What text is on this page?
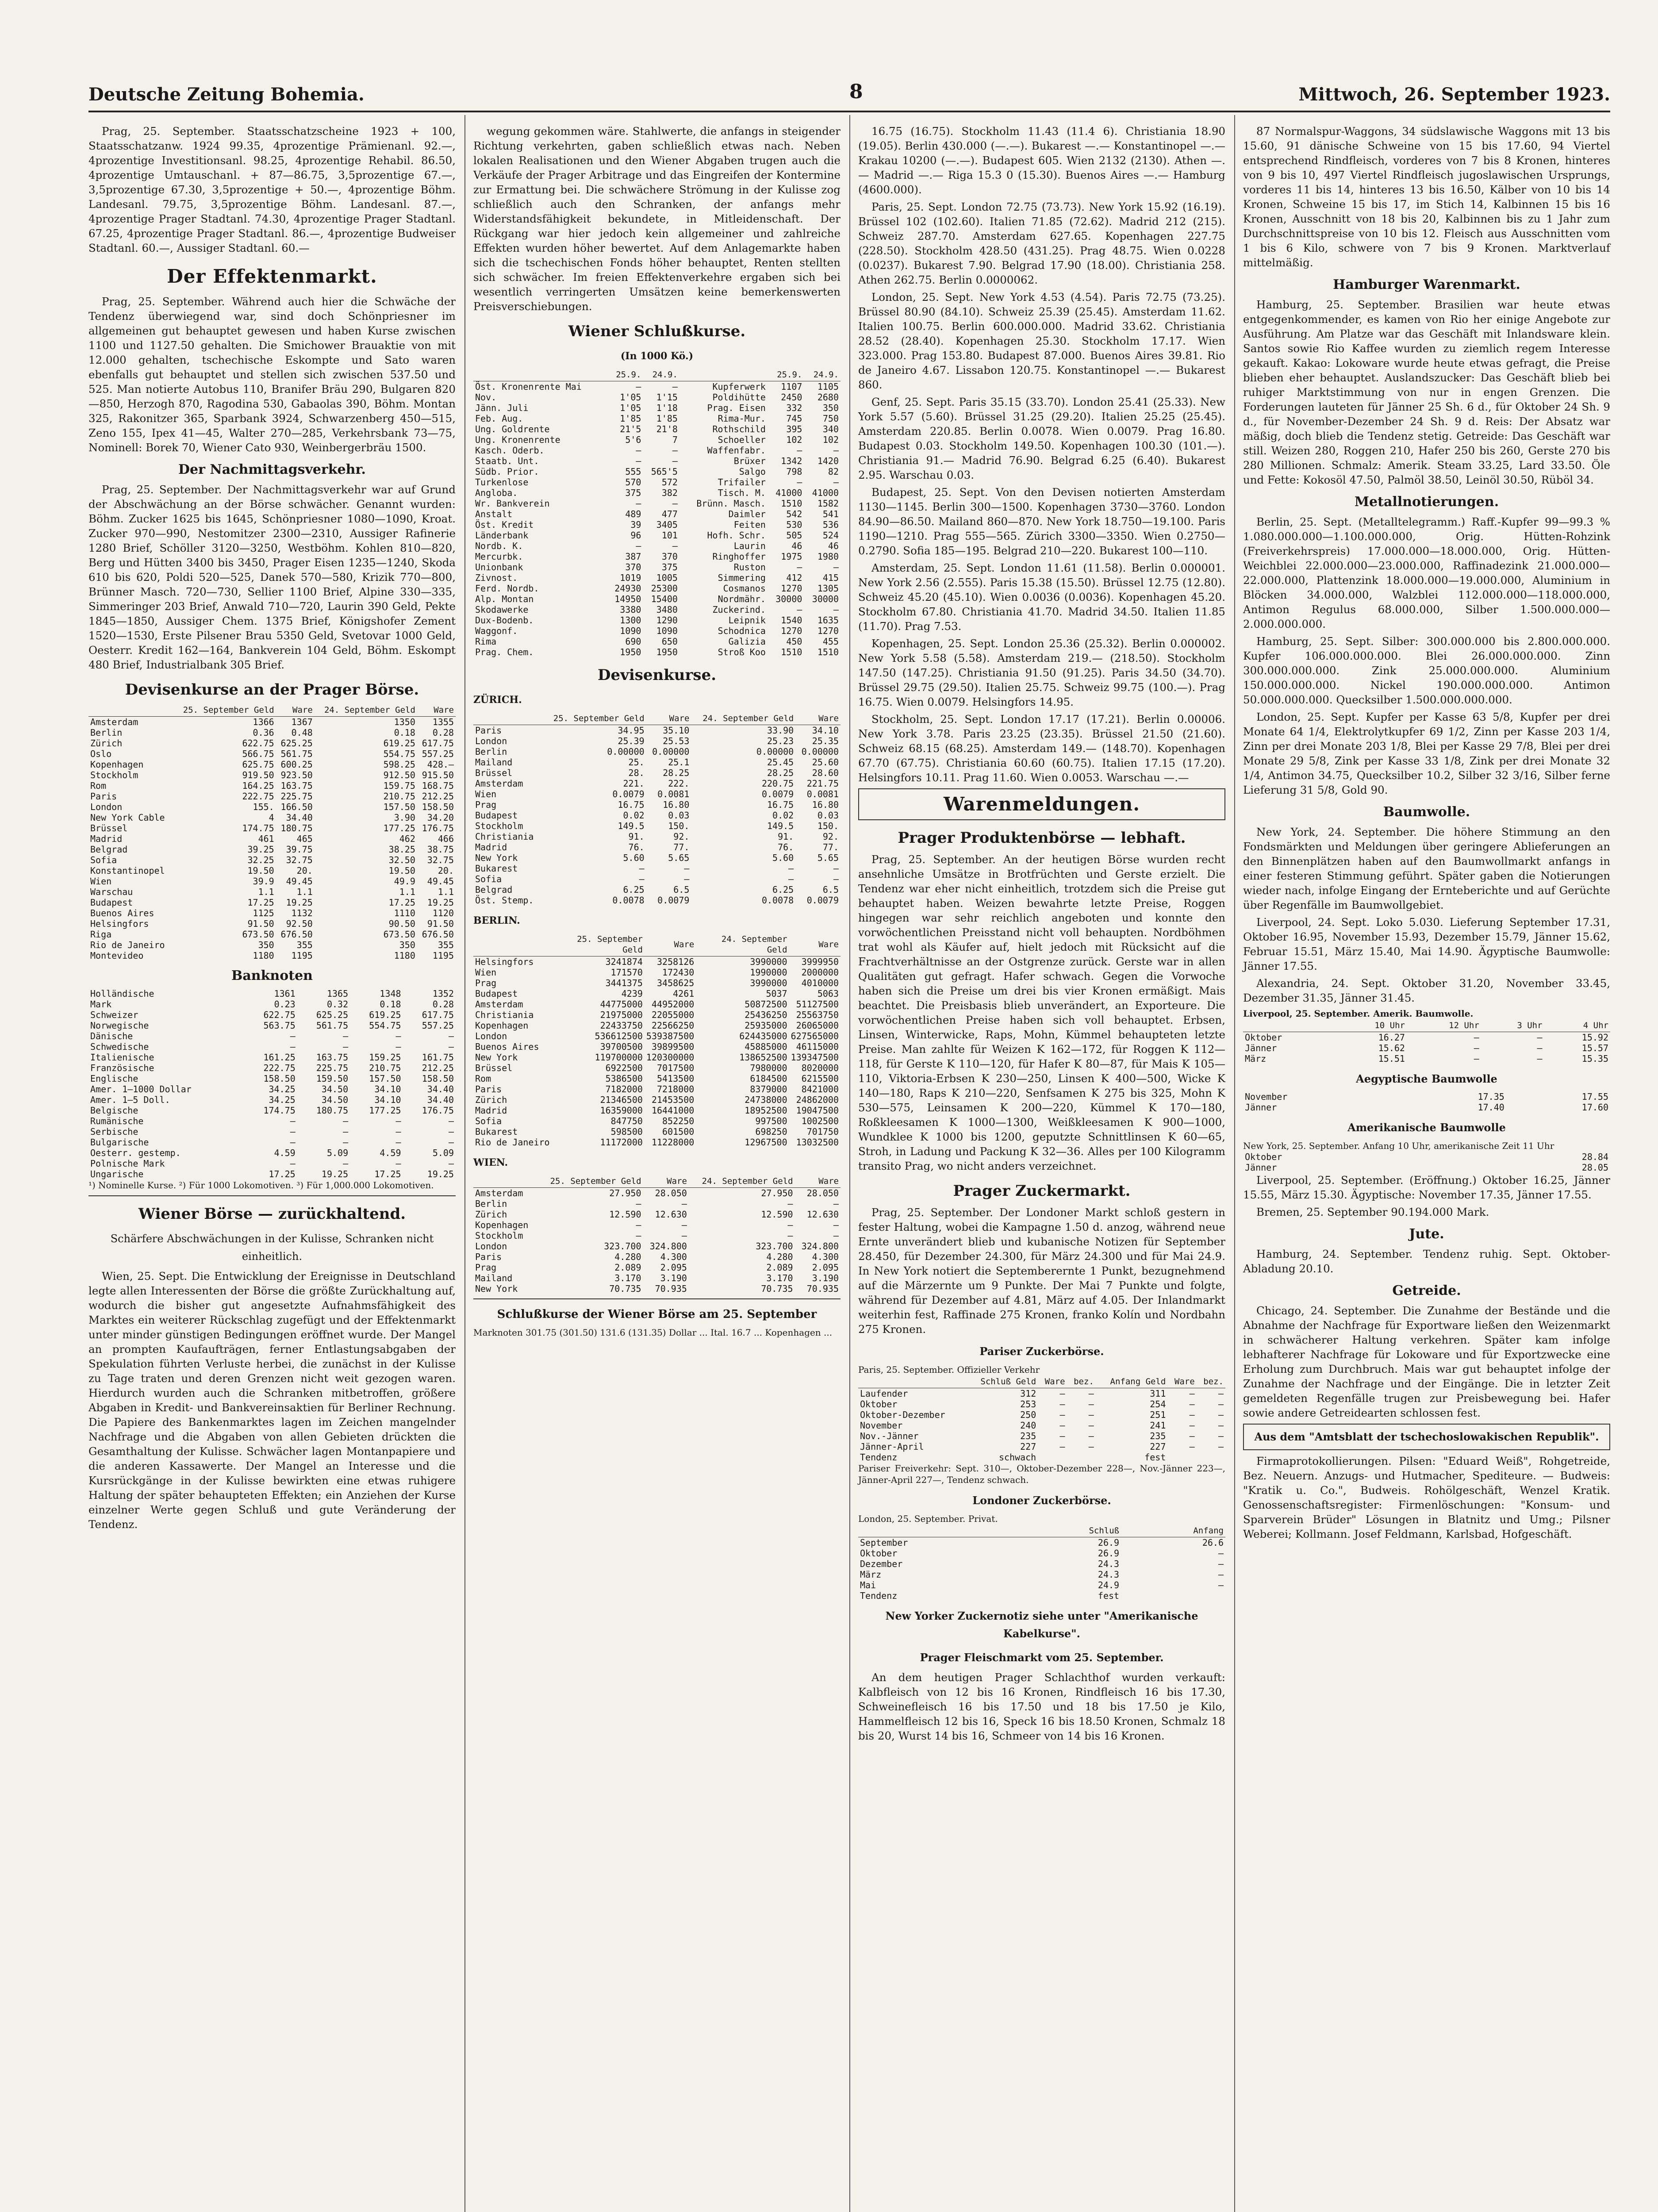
Deutsche Zeitung Bohemia.	8	Mittwoch, 26. September 1923.

Prag, 25. September. Staatsschatzscheine 1923 + 100, Staatsschatzanw. 1924 99.35, 4prozentige Prämienanl. 92.—, 4prozentige Investitionsanl. 98.25, 4prozentige Rehabil. 86.50, 4prozentige Umtauschanl. + 87—86.75, 3,5prozentige 67.—, 3,5prozentige 67.30, 3,5prozentige + 50.—, 4prozentige Böhm. Landesanl. 79.75, 3,5prozentige Böhm. Landesanl. 87.—, 4prozentige Prager Stadtanl. 74.30, 4prozentige Prager Stadtanl. 67.25, 4prozentige Prager Stadtanl. 86.—, 4prozentige Budweiser Stadtanl. 60.—, Aussiger Stadtanl. 60.—

Der Effektenmarkt.

Prag, 25. September. Während auch hier die Schwäche der Tendenz überwiegend war, sind doch Schönpriesner im allgemeinen gut behauptet gewesen und haben Kurse zwischen 1100 und 1127.50 gehalten. Die Smichower Brauaktie von mit 12.000 gehalten, tschechische Eskompte und Sato waren ebenfalls gut behauptet und stellen sich zwischen 537.50 und 525. Man notierte Autobus 110, Branifer Bräu 290, Bulgaren 820—850, Herzogh 870, Ragodina 530, Gabaolas 390, Böhm. Montan 325, Rakonitzer 365, Sparbank 3924, Schwarzenberg 450—515, Zeno 155, Ipex 41—45, Walter 270—285, Verkehrsbank 73—75, Nominell: Borek 70, Wiener Cato 930, Weinbergerbräu 1500.

Der Nachmittagsverkehr.

Prag, 25. September. Der Nachmittagsverkehr war auf Grund der Abschwächung an der Börse schwächer. Genannt wurden: Böhm. Zucker 1625 bis 1645, Schönpriesner 1080—1090, Kroat. Zucker 970—990, Nestomitzer 2300—2310, Aussiger Rafinerie 1280 Brief, Schöller 3120—3250, Westböhm. Kohlen 810—820, Berg und Hütten 3400 bis 3450, Prager Eisen 1235—1240, Skoda 610 bis 620, Poldi 520—525, Danek 570—580, Krizik 770—800, Brünner Masch. 720—730, Sellier 1100 Brief, Alpine 330—335, Simmeringer 203 Brief, Anwald 710—720, Laurin 390 Geld, Pekte 1845—1850, Aussiger Chem. 1375 Brief, Königshofer Zement 1520—1530, Erste Pilsener Brau 5350 Geld, Svetovar 1000 Geld, Oesterr. Kredit 162—164, Bankverein 104 Geld, Böhm. Eskompt 480 Brief, Industrialbank 305 Brief.

Devisenkurse an der Prager Börse.
	25. September Geld	Ware	24. September Geld	Ware
Amsterdam	1366	1367	1350	1355
Berlin	0.36	0.48	0.18	0.28
Zürich	622.75	625.25	619.25	617.75
Oslo	566.75	561.75	554.75	557.25
Kopenhagen	625.75	600.25	598.25	428.—
Stockholm	919.50	923.50	912.50	915.50
Rom	164.25	163.75	159.75	168.75
Paris	222.75	225.75	210.75	212.25
London	155.	166.50	157.50	158.50
New York Cable	4	34.40	3.90	34.20
Brüssel	174.75	180.75	177.25	176.75
Madrid	461	465	462	466
Belgrad	39.25	39.75	38.25	38.75
Sofia	32.25	32.75	32.50	32.75
Konstantinopel	19.50	20.	19.50	20.
Wien	39.9	49.45	49.9	49.45
Warschau	1.1	1.1	1.1	1.1
Budapest	17.25	19.25	17.25	19.25
Buenos Aires	1125	1132	1110	1120
Helsingfors	91.50	92.50	90.50	91.50
Riga	673.50	676.50	673.50	676.50
Rio de Janeiro	350	355	350	355
Montevideo	1180	1195	1180	1195
Banknoten
Holländische	1361	1365	1348	1352
Mark	0.23	0.32	0.18	0.28
Schweizer	622.75	625.25	619.25	617.75
Norwegische	563.75	561.75	554.75	557.25
Dänische	—	—	—	—
Schwedische	—	—	—	—
Italienische	161.25	163.75	159.25	161.75
Französische	222.75	225.75	210.75	212.25
Englische	158.50	159.50	157.50	158.50
Amer. 1—1000 Dollar	34.25	34.50	34.10	34.40
Amer. 1—5 Doll.	34.25	34.50	34.10	34.40
Belgische	174.75	180.75	177.25	176.75
Rumänische	—	—	—	—
Serbische	—	—	—	—
Bulgarische	—	—	—	—
Oesterr. gestemp.	4.59	5.09	4.59	5.09
Polnische Mark	—	—	—	—
Ungarische	17.25	19.25	17.25	19.25
¹) Nominelle Kurse. ²) Für 1000 Lokomotiven. ³) Für 1,000.000 Lokomotiven.
Wiener Börse — zurückhaltend.
Schärfere Abschwächungen in der Kulisse, Schranken nicht einheitlich.

Wien, 25. Sept. Die Entwicklung der Ereignisse in Deutschland legte allen Interessenten der Börse die größte Zurückhaltung auf, wodurch die bisher gut angesetzte Aufnahmsfähigkeit des Marktes ein weiterer Rückschlag zugefügt und der Effektenmarkt unter minder günstigen Bedingungen eröffnet wurde. Der Mangel an prompten Kaufaufträgen, ferner Entlastungsabgaben der Spekulation führten Verluste herbei, die zunächst in der Kulisse zu Tage traten und deren Grenzen nicht weit gezogen waren. Hierdurch wurden auch die Schranken mitbetroffen, größere Abgaben in Kredit- und Bankvereinsaktien für Berliner Rechnung. Die Papiere des Bankenmarktes lagen im Zeichen mangelnder Nachfrage und die Abgaben von allen Gebieten drückten die Gesamthaltung der Kulisse. Schwächer lagen Montanpapiere und die anderen Kassawerte. Der Mangel an Interesse und die Kursrückgänge in der Kulisse bewirkten eine etwas ruhigere Haltung der später behaupteten Effekten; ein Anziehen der Kurse einzelner Werte gegen Schluß und gute Veränderung der Tendenz.

wegung gekommen wäre. Stahlwerte, die anfangs in steigender Richtung verkehrten, gaben schließlich etwas nach. Neben lokalen Realisationen und den Wiener Abgaben trugen auch die Verkäufe der Prager Arbitrage und das Eingreifen der Kontermine zur Ermattung bei. Die schwächere Strömung in der Kulisse zog schließlich auch den Schranken, der anfangs mehr Widerstandsfähigkeit bekundete, in Mitleidenschaft. Der Rückgang war hier jedoch kein allgemeiner und zahlreiche Effekten wurden höher bewertet. Auf dem Anlagemarkte haben sich die tschechischen Fonds höher behauptet, Renten stellten sich schwächer. Im freien Effektenverkehre ergaben sich bei wesentlich verringerten Umsätzen keine bemerkenswerten Preisverschiebungen.

Wiener Schlußkurse.
(In 1000 Kö.)
	25.9.	24.9.		25.9.	24.9.
Öst. Kronenrente Mai	—	—	Kupferwerk	1107	1105
Nov.	1'05	1'15	Poldihütte	2450	2680
Jänn. Juli	1'05	1'18	Prag. Eisen	332	350
Feb. Aug.	1'85	1'85	Rima-Mur.	745	750
Ung. Goldrente	21'5	21'8	Rothschild	395	340
Ung. Kronenrente	5'6	7	Schoeller	102	102
Kasch. Oderb.	—	—	Waffenfabr.	—	—
Staatb. Unt.	—	—	Brüxer	1342	1420
Südb. Prior.	555	565'5	Salgo	798	82
Turkenlose	570	572	Trifailer	—	—
Angloba.	375	382	Tisch. M.	41000	41000
Wr. Bankverein	—	—	Brünn. Masch.	1510	1582
Anstalt	489	477	Daimler	542	541
Öst. Kredit	39	3405	Feiten	530	536
Länderbank	96	101	Hofh. Schr.	505	524
Nordb. K.	—	—	Laurin	46	46
Mercurbk.	387	370	Ringhoffer	1975	1980
Unionbank	370	375	Ruston	—	—
Zivnost.	1019	1005	Simmering	412	415
Ferd. Nordb.	24930	25300	Cosmanos	1270	1305
Alp. Montan	14950	15400	Nordmähr.	30000	30000
Skodawerke	3380	3480	Zuckerind.	—	—
Dux-Bodenb.	1300	1290	Leipnik	1540	1635
Waggonf.	1090	1090	Schodnica	1270	1270
Rima	690	650	Galizia	450	455
Prag. Chem.	1950	1950	Stroß Koo	1510	1510
Devisenkurse.
ZÜRICH.
	25. September Geld	Ware	24. September Geld	Ware
Paris	34.95	35.10	33.90	34.10
London	25.39	25.53	25.23	25.35
Berlin	0.00000	0.00000	0.00000	0.00000
Mailand	25.	25.1	25.45	25.60
Brüssel	28.	28.25	28.25	28.60
Amsterdam	221.	222.	220.75	221.75
Wien	0.0079	0.0081	0.0079	0.0081
Prag	16.75	16.80	16.75	16.80
Budapest	0.02	0.03	0.02	0.03
Stockholm	149.5	150.	149.5	150.
Christiania	91.	92.	91.	92.
Madrid	76.	77.	76.	77.
New York	5.60	5.65	5.60	5.65
Bukarest	—	—	—	—
Sofia	—	—	—	—
Belgrad	6.25	6.5	6.25	6.5
Öst. Stemp.	0.0078	0.0079	0.0078	0.0079
BERLIN.
	25. September Geld	Ware	24. September Geld	Ware
Helsingfors	3241874	3258126	3990000	3999950
Wien	171570	172430	1990000	2000000
Prag	3441375	3458625	3990000	4010000
Budapest	4239	4261	5037	5063
Amsterdam	44775000	44952000	50872500	51127500
Christiania	21975000	22055000	25436250	25563750
Kopenhagen	22433750	22566250	25935000	26065000
London	536612500	539387500	624435000	627565000
Buenos Aires	39700500	39899500	45885000	46115000
New York	119700000	120300000	138652500	139347500
Brüssel	6922500	7017500	7980000	8020000
Rom	5386500	5413500	6184500	6215500
Paris	7182000	7218000	8379000	8421000
Zürich	21346500	21453500	24738000	24862000
Madrid	16359000	16441000	18952500	19047500
Sofia	847750	852250	997500	1002500
Bukarest	598500	601500	698250	701750
Rio de Janeiro	11172000	11228000	12967500	13032500
WIEN.
	25. September Geld	Ware	24. September Geld	Ware
Amsterdam	27.950	28.050	27.950	28.050
Berlin	—	—	—	—
Zürich	12.590	12.630	12.590	12.630
Kopenhagen	—	—	—	—
Stockholm	—	—	—	—
London	323.700	324.800	323.700	324.800
Paris	4.280	4.300	4.280	4.300
Prag	2.089	2.095	2.089	2.095
Mailand	3.170	3.190	3.170	3.190
New York	70.735	70.935	70.735	70.935
Schlußkurse der Wiener Börse am 25. September
Marknoten 301.75 (301.50) 131.6 (131.35) Dollar ... Ital. 16.7 ... Kopenhagen ...

16.75 (16.75). Stockholm 11.43 (11.4 6). Christiania 18.90 (19.05). Berlin 430.000 (—.—). Bukarest —.— Konstantinopel —.— Krakau 10200 (—.—). Budapest 605. Wien 2132 (2130). Athen —.— Madrid —.— Riga 15.3 0 (15.30). Buenos Aires —.— Hamburg (4600.000).

Paris, 25. Sept. London 72.75 (73.73). New York 15.92 (16.19). Brüssel 102 (102.60). Italien 71.85 (72.62). Madrid 212 (215). Schweiz 287.70. Amsterdam 627.65. Kopenhagen 227.75 (228.50). Stockholm 428.50 (431.25). Prag 48.75. Wien 0.0228 (0.0237). Bukarest 7.90. Belgrad 17.90 (18.00). Christiania 258. Athen 262.75. Berlin 0.0000062.

London, 25. Sept. New York 4.53 (4.54). Paris 72.75 (73.25). Brüssel 80.90 (84.10). Schweiz 25.39 (25.45). Amsterdam 11.62. Italien 100.75. Berlin 600.000.000. Madrid 33.62. Christiania 28.52 (28.40). Kopenhagen 25.30. Stockholm 17.17. Wien 323.000. Prag 153.80. Budapest 87.000. Buenos Aires 39.81. Rio de Janeiro 4.67. Lissabon 120.75. Konstantinopel —.— Bukarest 860.

Genf, 25. Sept. Paris 35.15 (33.70). London 25.41 (25.33). New York 5.57 (5.60). Brüssel 31.25 (29.20). Italien 25.25 (25.45). Amsterdam 220.85. Berlin 0.0078. Wien 0.0079. Prag 16.80. Budapest 0.03. Stockholm 149.50. Kopenhagen 100.30 (101.—). Christiania 91.— Madrid 76.90. Belgrad 6.25 (6.40). Bukarest 2.95. Warschau 0.03.

Budapest, 25. Sept. Von den Devisen notierten Amsterdam 1130—1145. Berlin 300—1500. Kopenhagen 3730—3760. London 84.90—86.50. Mailand 860—870. New York 18.750—19.100. Paris 1190—1210. Prag 555—565. Zürich 3300—3350. Wien 0.2750—0.2790. Sofia 185—195. Belgrad 210—220. Bukarest 100—110.

Amsterdam, 25. Sept. London 11.61 (11.58). Berlin 0.000001. New York 2.56 (2.555). Paris 15.38 (15.50). Brüssel 12.75 (12.80). Schweiz 45.20 (45.10). Wien 0.0036 (0.0036). Kopenhagen 45.20. Stockholm 67.80. Christiania 41.70. Madrid 34.50. Italien 11.85 (11.70). Prag 7.53.

Kopenhagen, 25. Sept. London 25.36 (25.32). Berlin 0.000002. New York 5.58 (5.58). Amsterdam 219.— (218.50). Stockholm 147.50 (147.25). Christiania 91.50 (91.25). Paris 34.50 (34.70). Brüssel 29.75 (29.50). Italien 25.75. Schweiz 99.75 (100.—). Prag 16.75. Wien 0.0079. Helsingfors 14.95.

Stockholm, 25. Sept. London 17.17 (17.21). Berlin 0.00006. New York 3.78. Paris 23.25 (23.35). Brüssel 21.50 (21.60). Schweiz 68.15 (68.25). Amsterdam 149.— (148.70). Kopenhagen 67.70 (67.75). Christiania 60.60 (60.75). Italien 17.15 (17.20). Helsingfors 10.11. Prag 11.60. Wien 0.0053. Warschau —.—

Warenmeldungen.
Prager Produktenbörse — lebhaft.

Prag, 25. September. An der heutigen Börse wurden recht ansehnliche Umsätze in Brotfrüchten und Gerste erzielt. Die Tendenz war eher nicht einheitlich, trotzdem sich die Preise gut behauptet haben. Weizen bewahrte letzte Preise, Roggen hingegen war sehr reichlich angeboten und konnte den vorwöchentlichen Preisstand nicht voll behaupten. Nordböhmen trat wohl als Käufer auf, hielt jedoch mit Rücksicht auf die Frachtverhältnisse an der Ostgrenze zurück. Gerste war in allen Qualitäten gut gefragt. Hafer schwach. Gegen die Vorwoche haben sich die Preise um drei bis vier Kronen ermäßigt. Mais beachtet. Die Preisbasis blieb unverändert, an Exporteure. Die vorwöchentlichen Preise haben sich voll behauptet. Erbsen, Linsen, Winterwicke, Raps, Mohn, Kümmel behaupteten letzte Preise. Man zahlte für Weizen K 162—172, für Roggen K 112—118, für Gerste K 110—120, für Hafer K 80—87, für Mais K 105—110, Viktoria-Erbsen K 230—250, Linsen K 400—500, Wicke K 140—180, Raps K 210—220, Senfsamen K 275 bis 325, Mohn K 530—575, Leinsamen K 200—220, Kümmel K 170—180, Roßkleesamen K 1000—1300, Weißkleesamen K 900—1000, Wundklee K 1000 bis 1200, geputzte Schnittlinsen K 60—65, Stroh, in Ladung und Packung K 32—36. Alles per 100 Kilogramm transito Prag, wo nicht anders verzeichnet.

Prager Zuckermarkt.

Prag, 25. September. Der Londoner Markt schloß gestern in fester Haltung, wobei die Kampagne 1.50 d. anzog, während neue Ernte unverändert blieb und kubanische Notizen für September 28.450, für Dezember 24.300, für März 24.300 und für Mai 24.9. In New York notiert die Septemberernte 1 Punkt, bezugnehmend auf die Märzernte um 9 Punkte. Der Mai 7 Punkte und folgte, während für Dezember auf 4.81, März auf 4.05. Der Inlandmarkt weiterhin fest, Raffinade 275 Kronen, franko Kolín und Nordbahn 275 Kronen.

Pariser Zuckerbörse.
Paris, 25. September. Offizieller Verkehr
	Schluß Geld	Ware	bez.	Anfang Geld	Ware	bez.
Laufender	312	—	—	311	—	—
Oktober	253	—	—	254	—	—
Oktober-Dezember	250	—	—	251	—	—
November	240	—	—	241	—	—
Nov.-Jänner	235	—	—	235	—	—
Jänner-April	227	—	—	227	—	—
Tendenz	schwach			fest		
Pariser Freiverkehr: Sept. 310—, Oktober-Dezember 228—, Nov.-Jänner 223—, Jänner-April 227—, Tendenz schwach.
Londoner Zuckerbörse.
London, 25. September. Privat.
	Schluß	Anfang
September	26.9	26.6
Oktober	26.9	—
Dezember	24.3	—
März	24.3	—
Mai	24.9	—
Tendenz	fest	
New Yorker Zuckernotiz siehe unter "Amerikanische Kabelkurse".
Prager Fleischmarkt vom 25. September.

An dem heutigen Prager Schlachthof wurden verkauft: Kalbfleisch von 12 bis 16 Kronen, Rindfleisch 16 bis 17.30, Schweinefleisch 16 bis 17.50 und 18 bis 17.50 je Kilo, Hammelfleisch 12 bis 16, Speck 16 bis 18.50 Kronen, Schmalz 18 bis 20, Wurst 14 bis 16, Schmeer von 14 bis 16 Kronen.

87 Normalspur-Waggons, 34 südslawische Waggons mit 13 bis 15.60, 91 dänische Schweine von 15 bis 17.60, 94 Viertel entsprechend Rindfleisch, vorderes von 7 bis 8 Kronen, hinteres von 9 bis 10, 497 Viertel Rindfleisch jugoslawischen Ursprungs, vorderes 11 bis 14, hinteres 13 bis 16.50, Kälber von 10 bis 14 Kronen, Schweine 15 bis 17, im Stich 14, Kalbinnen 15 bis 16 Kronen, Ausschnitt von 18 bis 20, Kalbinnen bis zu 1 Jahr zum Durchschnittspreise von 10 bis 12. Fleisch aus Ausschnitten vom 1 bis 6 Kilo, schwere von 7 bis 9 Kronen. Marktverlauf mittelmäßig.

Hamburger Warenmarkt.

Hamburg, 25. September. Brasilien war heute etwas entgegenkommender, es kamen von Rio her einige Angebote zur Ausführung. Am Platze war das Geschäft mit Inlandsware klein. Santos sowie Rio Kaffee wurden zu ziemlich regem Interesse gekauft. Kakao: Lokoware wurde heute etwas gefragt, die Preise blieben eher behauptet. Auslandszucker: Das Geschäft blieb bei ruhiger Marktstimmung von nur in engen Grenzen. Die Forderungen lauteten für Jänner 25 Sh. 6 d., für Oktober 24 Sh. 9 d., für November-Dezember 24 Sh. 9 d. Reis: Der Absatz war mäßig, doch blieb die Tendenz stetig. Getreide: Das Geschäft war still. Weizen 280, Roggen 210, Hafer 250 bis 260, Gerste 270 bis 280 Millionen. Schmalz: Amerik. Steam 33.25, Lard 33.50. Öle und Fette: Kokosöl 47.50, Palmöl 38.50, Leinöl 30.50, Rüböl 34.

Metallnotierungen.

Berlin, 25. Sept. (Metalltelegramm.) Raff.-Kupfer 99—99.3 % 1.080.000.000—1.100.000.000, Orig. Hütten-Rohzink (Freiverkehrspreis) 17.000.000—18.000.000, Orig. Hütten-Weichblei 22.000.000—23.000.000, Raffinadezink 21.000.000—22.000.000, Plattenzink 18.000.000—19.000.000, Aluminium in Blöcken 34.000.000, Walzblei 112.000.000—118.000.000, Antimon Regulus 68.000.000, Silber 1.500.000.000—2.000.000.000.

Hamburg, 25. Sept. Silber: 300.000.000 bis 2.800.000.000. Kupfer 106.000.000.000. Blei 26.000.000.000. Zinn 300.000.000.000. Zink 25.000.000.000. Aluminium 150.000.000.000. Nickel 190.000.000.000. Antimon 50.000.000.000. Quecksilber 1.500.000.000.000.

London, 25. Sept. Kupfer per Kasse 63 5/8, Kupfer per drei Monate 64 1/4, Elektrolytkupfer 69 1/2, Zinn per Kasse 203 1/4, Zinn per drei Monate 203 1/8, Blei per Kasse 29 7/8, Blei per drei Monate 29 5/8, Zink per Kasse 33 1/8, Zink per drei Monate 32 1/4, Antimon 34.75, Quecksilber 10.2, Silber 32 3/16, Silber ferne Lieferung 31 5/8, Gold 90.

Baumwolle.

New York, 24. September. Die höhere Stimmung an den Fondsmärkten und Meldungen über geringere Ablieferungen an den Binnenplätzen haben auf den Baumwollmarkt anfangs in einer festeren Stimmung geführt. Später gaben die Notierungen wieder nach, infolge Eingang der Ernteberichte und auf Gerüchte über Regenfälle im Baumwollgebiet.

Liverpool, 24. Sept. Loko 5.030. Lieferung September 17.31, Oktober 16.95, November 15.93, Dezember 15.79, Jänner 15.62, Februar 15.51, März 15.40, Mai 14.90. Ägyptische Baumwolle: Jänner 17.55.

Alexandria, 24. Sept. Oktober 31.20, November 33.45, Dezember 31.35, Jänner 31.45.

Liverpool, 25. September. Amerik. Baumwolle.
	10 Uhr	12 Uhr	3 Uhr	4 Uhr
Oktober	16.27	—	—	15.92
Jänner	15.62	—	—	15.57
März	15.51	—	—	15.35
Aegyptische Baumwolle
November	17.35	17.55
Jänner	17.40	17.60
Amerikanische Baumwolle
New York, 25. September. Anfang 10 Uhr, amerikanische Zeit 11 Uhr
Oktober	28.84
Jänner	28.05

Liverpool, 25. September. (Eröffnung.) Oktober 16.25, Jänner 15.55, März 15.30. Ägyptische: November 17.35, Jänner 17.55.

Bremen, 25. September 90.194.000 Mark.

Jute.

Hamburg, 24. September. Tendenz ruhig. Sept. Oktober-Abladung 20.10.

Getreide.

Chicago, 24. September. Die Zunahme der Bestände und die Abnahme der Nachfrage für Exportware ließen den Weizenmarkt in schwächerer Haltung verkehren. Später kam infolge lebhafterer Nachfrage für Lokoware und für Exportzwecke eine Erholung zum Durchbruch. Mais war gut behauptet infolge der Zunahme der Nachfrage und der Eingänge. Die in letzter Zeit gemeldeten Regenfälle trugen zur Preisbewegung bei. Hafer sowie andere Getreidearten schlossen fest.

Aus dem "Amtsblatt der tschechoslowakischen Republik".

Firmaprotokollierungen. Pilsen: "Eduard Weiß", Rohgetreide, Bez. Neuern. Anzugs- und Hutmacher, Spediteure. — Budweis: "Kratik u. Co.", Budweis. Rohölgeschäft, Wenzel Kratik. Genossenschaftsregister: Firmenlöschungen: "Konsum- und Sparverein Brüder" Lösungen in Blatnitz und Umg.; Pilsner Weberei; Kollmann. Josef Feldmann, Karlsbad, Hofgeschäft.
